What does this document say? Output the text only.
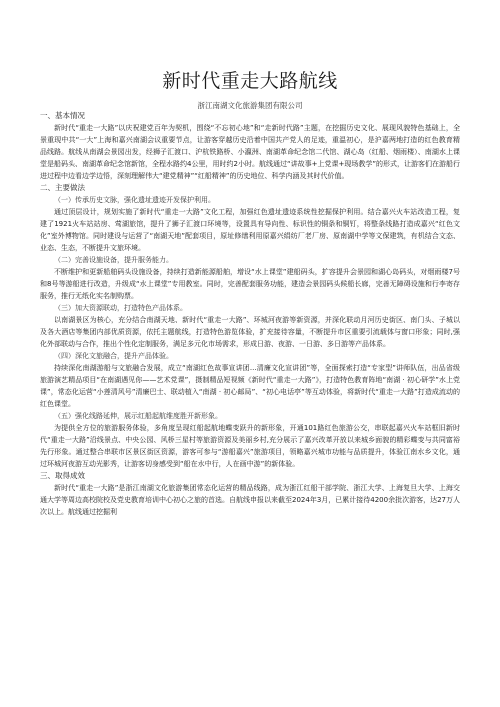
新时代重走大路航线
浙江南湖文化旅游集团有限公司

一、基本情况

新时代“重走一大路”以庆祝建党百年为契机，围绕“不忘初心地”和“走新时代路”主题，在挖掘历史文化、展现风貌特色基础上，全景重现中共“一大”上海和嘉兴南湖会议重要节点，让游客穿越历史沿着中国共产党人的足迹，重温初心，是沪嘉两地打造的红色教育精品线路。航线从南湖会景园出发，经狮子汇渡口、沪杭铁路桥、小瀛洲、南湖革命纪念馆二代馆、湖心岛（红船、烟雨楼）、南湖水上课堂是船码头、南湖革命纪念馆新馆，全程水路约4公里，用时约2小时。航线通过“讲故事+上党课+现场教学”的形式，让游客们在游船行进过程中边看边学边悟，深刻理解伟大“建党精神”“红船精神”的历史地位、科学内涵及其时代价值。

二、主要做法

（一）传承历史文脉，强化遗址遗迹开发保护利用。

通过顶层设计，规划实施了新时代“重走一大路”文化工程，加强红色遗址遗迹系统性挖掘保护利用。结合嘉兴火车站改造工程，复建了1921火车站站房、莺湖旅馆，提升了狮子汇渡口环境等，设置具有导向性、标识性的铜条和铜钉，将整条线路打造成嘉兴“红色文化”室外博物馆。同时建设与运营了“南湖天地”配套项目，原址修缮利用原嘉兴绢纺厂老厂房、原南湖中学等文保建筑，有机结合文态、业态、生态，不断提升文旅环境。

（二）完善设施设备，提升服务能力。

不断维护和更新船舶码头设施设备，持续打造新能源船舶，增设“水上课堂”建船码头，扩容提升会景园和湖心岛码头，对烟雨楼7号和8号等游船进行改造，升级成“水上课堂”专用教室。同时，完善配套服务功能，建造会景园码头候船长廊，完善无障碍设施和行李寄存服务，推行无纸化实名制购票。

（三）加大资源联动，打造特色产品体系。

以南湖景区为核心，充分结合南湖天地、新时代“重走一大路”、环城河夜游等新资源，并深化联动月河历史街区、南门头、子城以及各大酒店等集团内部优质资源，依托主题航线，打造特色游览体验，扩充接待容量，不断提升市区重要引流载体与窗口形象；同时,强化外部联动与合作，推出个性化定制服务，满足多元化市场需求，形成日游、夜游、一日游、多日游等产品体系。

（四）深化文旅融合，提升产品体验。

持续深化南湖游船与文旅融合发展，成立“南湖红色故事宣讲团...清廉文化宣讲团”等，全面探索打造“专家型”讲师队伍，出品省级旅游演艺精品项目“在南湖遇见你——艺术党课”，摄制精品短视频《新时代“重走一大路”》，打造特色教育阵地“南湖 · 初心研学”水上党课”，常态化运营“小莲清风号”清廉巴士、联动植入“南湖 · 初心邮局”、“初心电话亭”等互动体验，将新时代“重走一大路”打造成流动的红色课堂。

（五）强化线路延伸，展示红船起航维度胜开新形象。

为提供全方位的旅游服务体验，多角度呈现红船起航地蝶变跃升的新形象，开通101路红色旅游公交，串联起嘉兴火车站框旧新时代“重走一大路”沿线景点、中央公园、风桥三星村等旅游资源及美丽乡村,充分展示了嘉兴改革开放以来城乡面貌的精彩蝶变与共同富裕先行形象。通过整合串联市区景区街区资源，游客可参与“游船嘉兴”旅游项目，领略嘉兴城市功能与品质提升，体验江南水乡文化，通过环城河夜游互动光影秀，让游客切身感受到“船在水中行，人在画中游”的新体验。

三、取得成效

新时代“重走一大路”是浙江南湖文化旅游集团常态化运营的精品线路，成为浙江红船干部学院、浙江大学、上海复旦大学、上海交通大学等周边高校院校及党史教育培训中心初心之旅的首选。自航线申报以来截至2024年3月，已累计接待4200余批次游客，达27万人次以上。航线通过挖掘利
